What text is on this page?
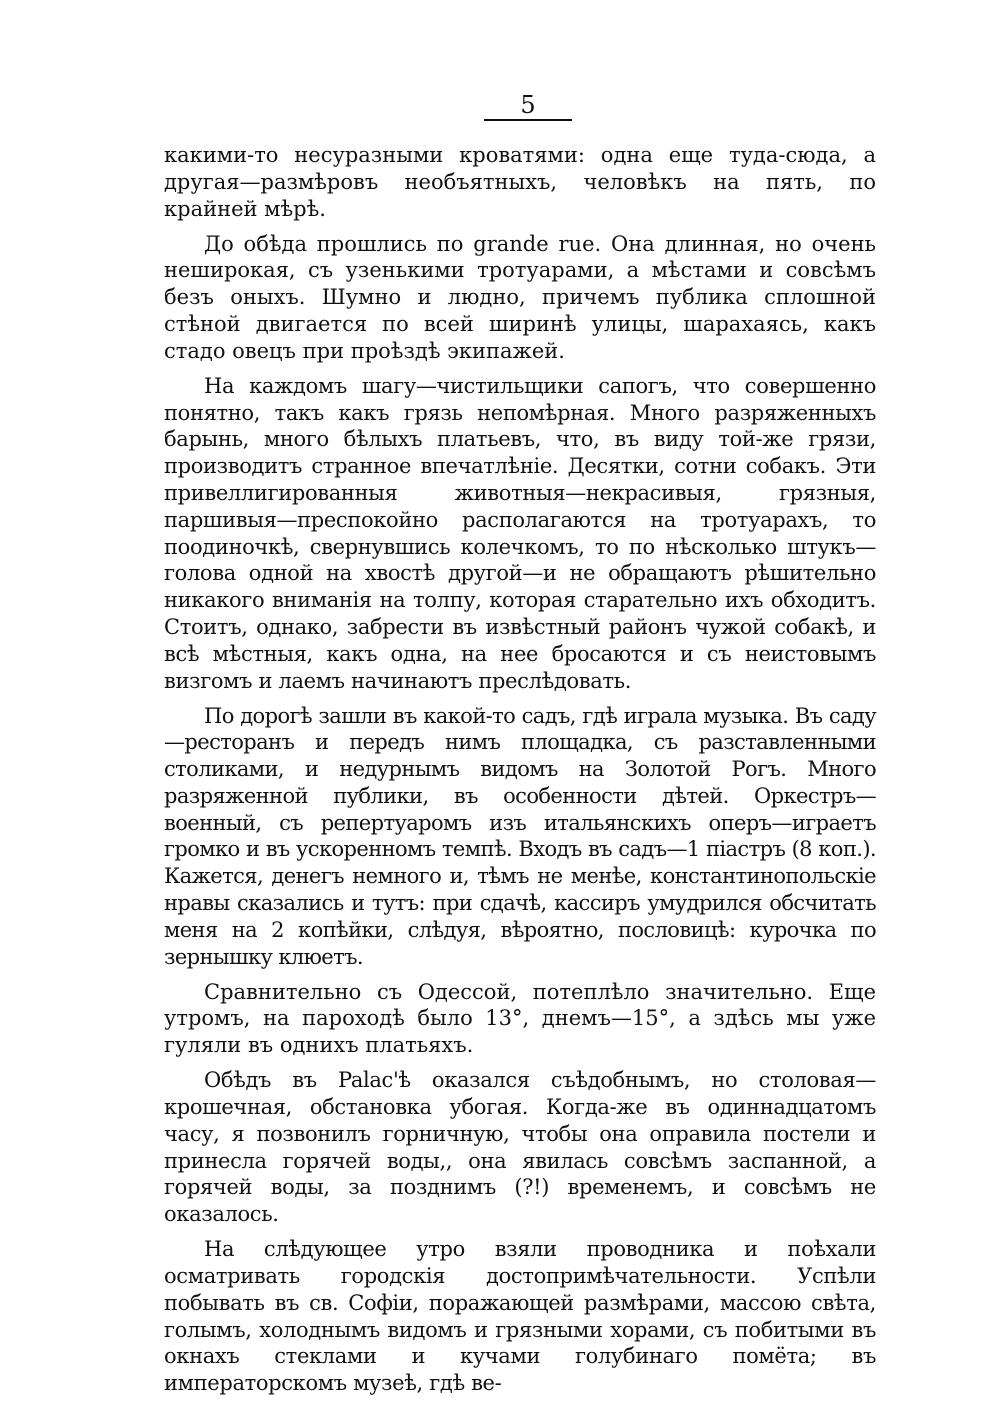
5

какими-то несуразными кроватями: одна еще туда-сюда, а другая—размѣровъ необъятныхъ, человѣкъ на пять, по крайней мѣрѣ.

До обѣда прошлись по grande rue. Она длинная, но очень неширокая, съ узенькими тротуарами, а мѣстами и совсѣмъ безъ оныхъ. Шумно и людно, причемъ публика сплошной стѣной двигается по всей ширинѣ улицы, шарахаясь, какъ стадо овецъ при проѣздѣ экипажей.

На каждомъ шагу—чистильщики сапогъ, что совершенно понятно, такъ какъ грязь непомѣрная. Много разряженныхъ барынь, много бѣлыхъ платьевъ, что, въ виду той-же грязи, производитъ странное впечатлѣніе. Десятки, сотни собакъ. Эти привеллигированныя животныя—некрасивыя, грязныя, паршивыя—преспокойно располагаются на тротуарахъ, то поодиночкѣ, свернувшись колечкомъ, то по нѣсколько штукъ—голова одной на хвостѣ другой—и не обращаютъ рѣшительно никакого вниманія на толпу, которая старательно ихъ обходитъ. Стоитъ, однако, забрести въ извѣстный районъ чужой собакѣ, и всѣ мѣстныя, какъ одна, на нее бросаются и съ неистовымъ визгомъ и лаемъ начинаютъ преслѣдовать.

По дорогѣ зашли въ какой-то садъ, гдѣ играла музыка. Въ саду—ресторанъ и передъ нимъ площадка, съ разставленными столиками, и недурнымъ видомъ на Золотой Рогъ. Много разряженной публики, въ особенности дѣтей. Оркестръ—военный, съ репертуаромъ изъ итальянскихъ оперъ—играетъ громко и въ ускоренномъ темпѣ. Входъ въ садъ—1 піастръ (8 коп.). Кажется, денегъ немного и, тѣмъ не менѣе, константинопольскіе нравы сказались и тутъ: при сдачѣ, кассиръ умудрился обсчитать меня на 2 копѣйки, слѣдуя, вѣроятно, пословицѣ: курочка по зернышку клюетъ.

Сравнительно съ Одессой, потеплѣло значительно. Еще утромъ, на пароходѣ было 13°, днемъ—15°, а здѣсь мы уже гуляли въ однихъ платьяхъ.

Обѣдъ въ Palac'ѣ оказался съѣдобнымъ, но столовая—крошечная, обстановка убогая. Когда-же въ одиннадцатомъ часу, я позвонилъ горничную, чтобы она оправила постели и принесла горячей воды,, она явилась совсѣмъ заспанной, а горячей воды, за позднимъ (?!) временемъ, и совсѣмъ не оказалось.

На слѣдующее утро взяли проводника и поѣхали осматривать городскія достопримѣчательности. Успѣли побывать въ св. Софіи, поражающей размѣрами, массою свѣта, голымъ, холоднымъ видомъ и грязными хорами, съ побитыми въ окнахъ стеклами и кучами голубинаго помёта; въ императорскомъ музеѣ, гдѣ ве-
